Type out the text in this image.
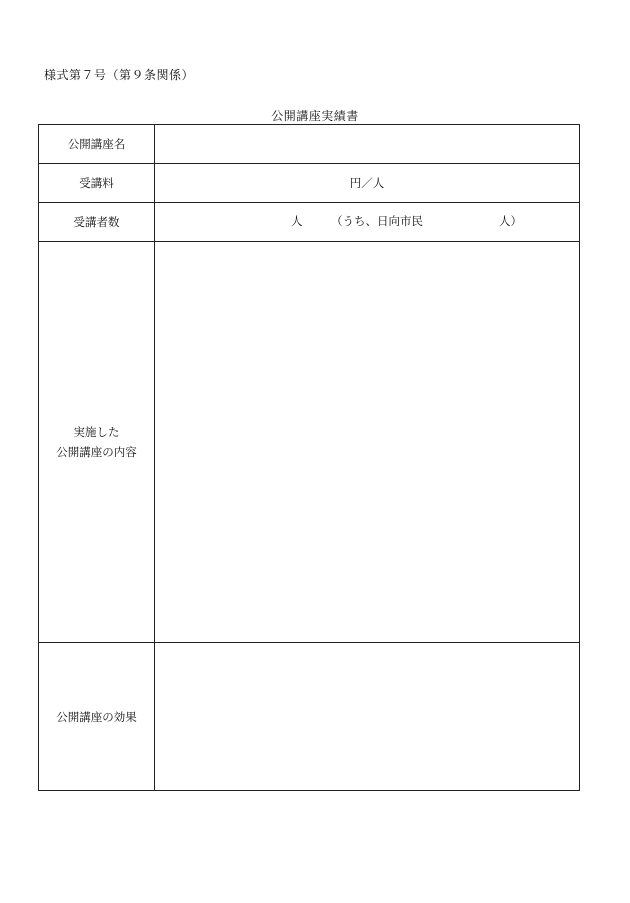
様式第７号（第９条関係）
公開講座実績書
公開講座名	
受講料	円／人

受講者数	人 （うち、日向市民 人）

実施した
公開講座の内容	

公開講座の効果	
